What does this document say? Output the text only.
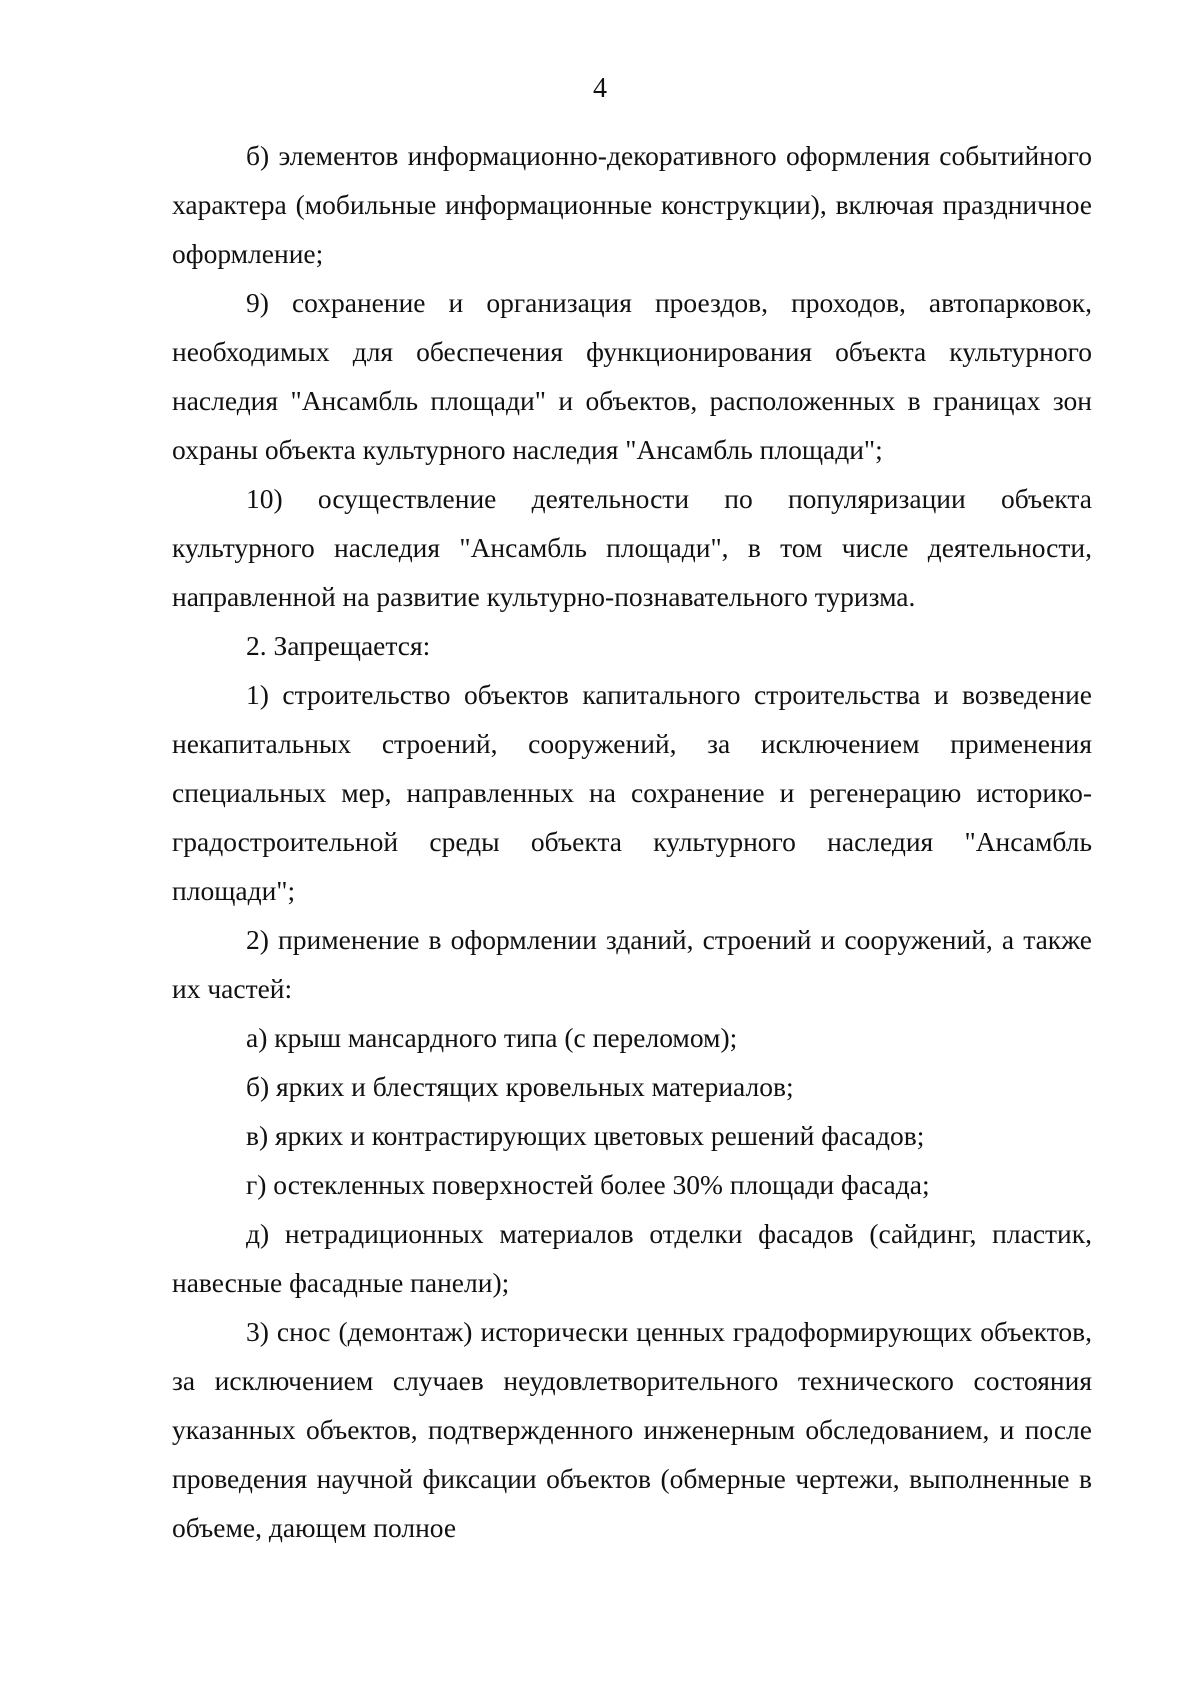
4

б) элементов информационно-декоративного оформления событийного характера (мобильные информационные конструкции), включая праздничное оформление;

9) сохранение и организация проездов, проходов, автопарковок, необходимых для обеспечения функционирования объекта культурного наследия "Ансамбль площади" и объектов, расположенных в границах зон охраны объекта культурного наследия "Ансамбль площади";

10) осуществление деятельности по популяризации объекта культурного наследия "Ансамбль площади", в том числе деятельности, направленной на развитие культурно-познавательного туризма.

2. Запрещается:

1) строительство объектов капитального строительства и возведение некапитальных строений, сооружений, за исключением применения специальных мер, направленных на сохранение и регенерацию историко-градостроительной среды объекта культурного наследия "Ансамбль площади";

2) применение в оформлении зданий, строений и сооружений, а также их частей:

а) крыш мансардного типа (с переломом);

б) ярких и блестящих кровельных материалов;

в) ярких и контрастирующих цветовых решений фасадов;

г) остекленных поверхностей более 30% площади фасада;

д) нетрадиционных материалов отделки фасадов (сайдинг, пластик, навесные фасадные панели);

3) снос (демонтаж) исторически ценных градоформирующих объектов, за исключением случаев неудовлетворительного технического состояния указанных объектов, подтвержденного инженерным обследованием, и после проведения научной фиксации объектов (обмерные чертежи, выполненные в объеме, дающем полное
